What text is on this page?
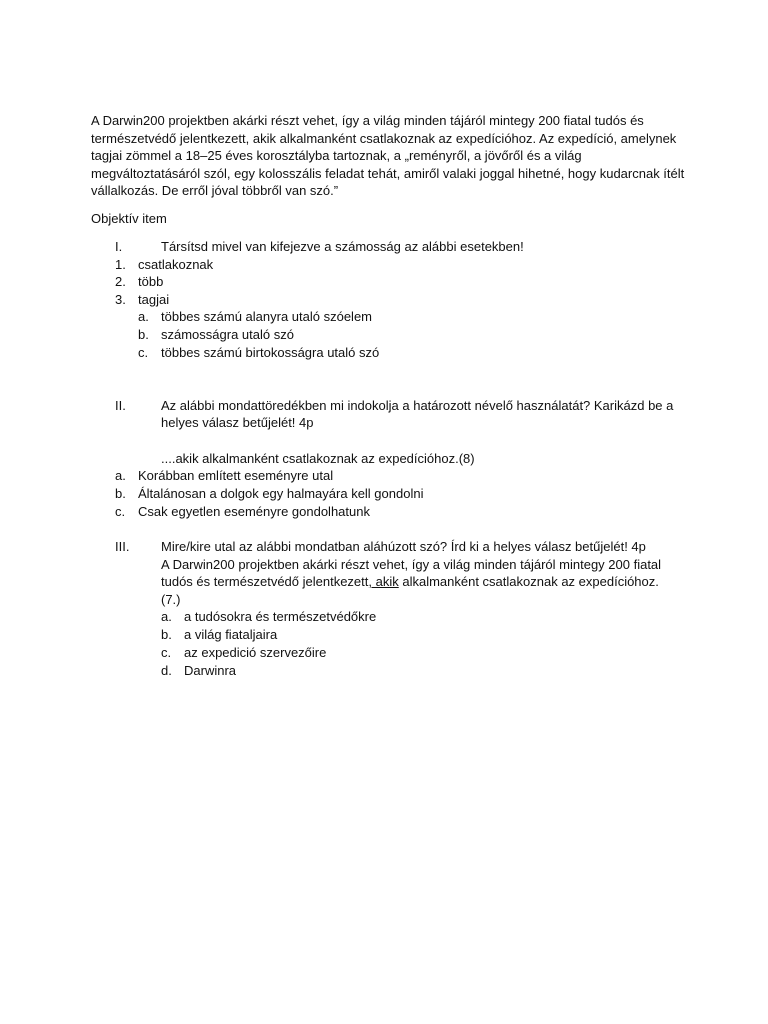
A Darwin200 projektben akárki részt vehet, így a világ minden tájáról mintegy 200 fiatal tudós és természetvédő jelentkezett, akik alkalmanként csatlakoznak az expedícióhoz. Az expedíció, amelynek tagjai zömmel a 18–25 éves korosztályba tartoznak, a „reményről, a jövőről és a világ megváltoztatásáról szól, egy kolosszális feladat tehát, amiről valaki joggal hihetné, hogy kudarcnak ítélt vállalkozás. De erről jóval többről van szó.”

Objektív item
I.	Társítsd mivel van kifejezve a számosság az alábbi esetekben!
1. csatlakoznak
2. több
3. tagjai
a. többes számú alanyra utaló szóelem
b. számosságra utaló szó
c. többes számú birtokosságra utaló szó
II.	Az alábbi mondattöredékben mi indokolja a határozott névelő használatát? Karikázd be a
helyes válasz betűjelét! 4p
....akik alkalmanként csatlakoznak az expedícióhoz.(8)
a. Korábban említett eseményre utal
b. Általánosan a dolgok egy halmayára kell gondolni
c. Csak egyetlen eseményre gondolhatunk
III. Mire/kire utal az alábbi mondatban aláhúzott szó? Írd ki a helyes válasz betűjelét! 4p
A Darwin200 projektben akárki részt vehet, így a világ minden tájáról mintegy 200 fiatal
tudós és természetvédő jelentkezett, akik alkalmanként csatlakoznak az expedícióhoz.
(7.)
a. a tudósokra és természetvédőkre
b. a világ fiataljaira
c. az expedició szervezőire
d. Darwinra
